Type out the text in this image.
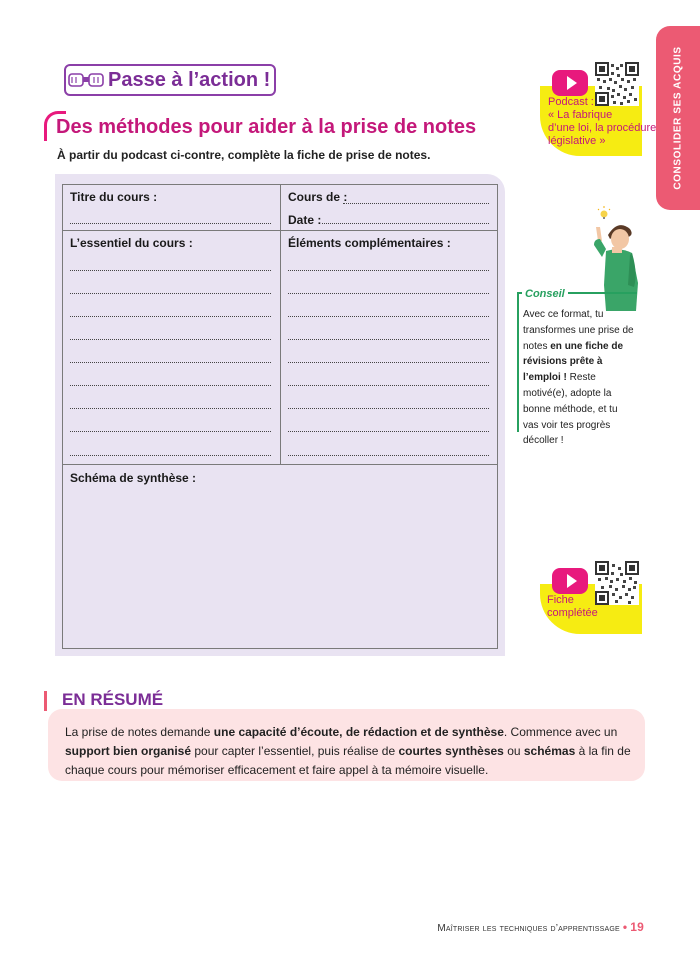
CONSOLIDER SES ACQUIS
Passe à l’action !
Des méthodes pour aider à la prise de notes
À partir du podcast ci-contre, complète la fiche de prise de notes.
Titre du cours :	Cours de :
Date :
L’essentiel du cours :	Éléments complémentaires :
Schéma de synthèse :
Podcast :
« La fabrique
d’une loi, la procédure
législative »
Conseil
Avec ce format, tu transformes une prise de notes en une fiche de révisions prête à l’emploi ! Reste motivé(e), adopte la bonne méthode, et tu vas voir tes progrès décoller !
Fiche
complétée
EN RÉSUMÉ
La prise de notes demande une capacité d’écoute, de rédaction et de synthèse. Commence avec un support bien organisé pour capter l’essentiel, puis réalise de courtes synthèses ou schémas à la fin de chaque cours pour mémoriser efficacement et faire appel à ta mémoire visuelle.
Maîtriser les techniques d’apprentissage • 19
